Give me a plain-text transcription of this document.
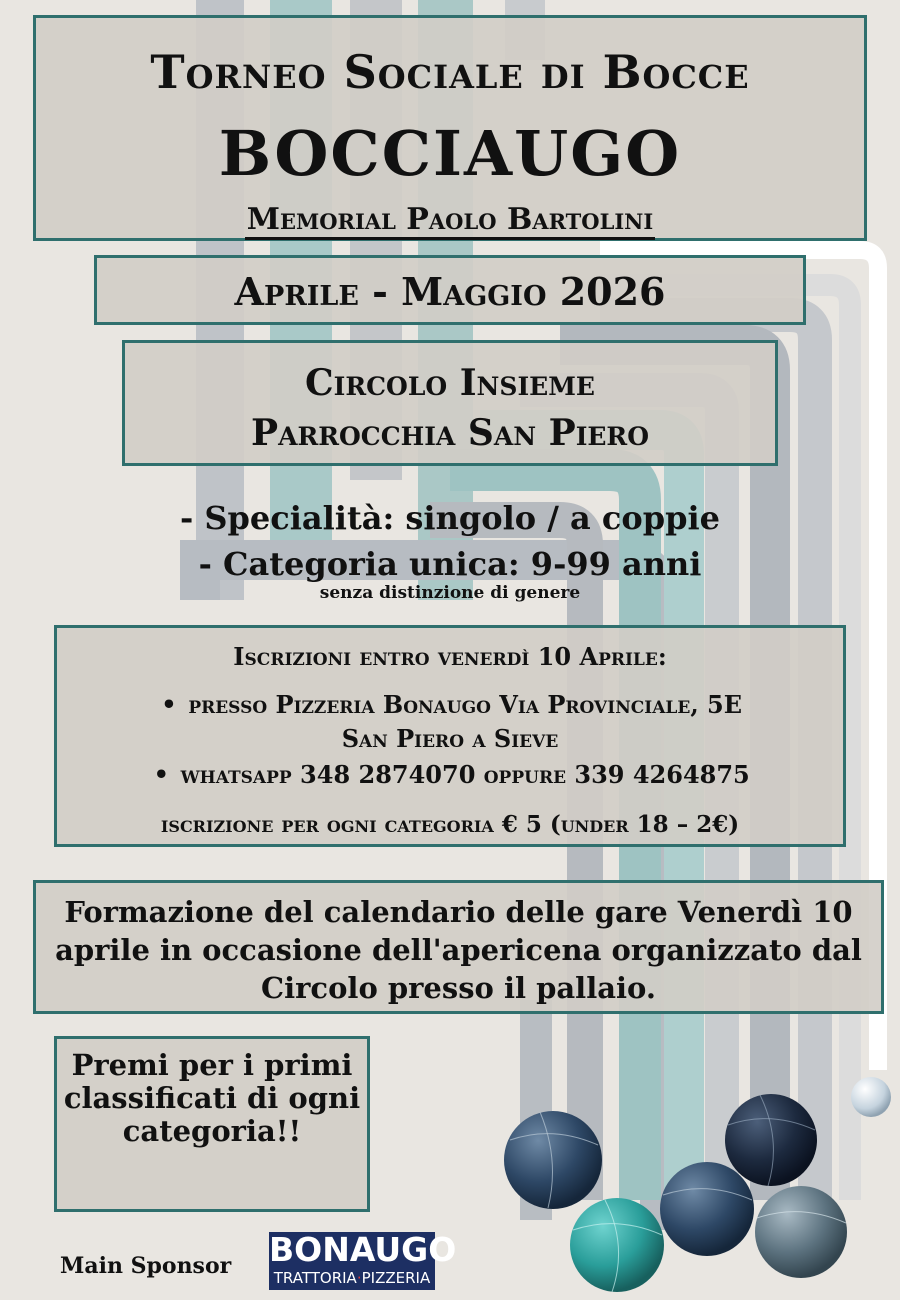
Torneo Sociale di Bocce
BOCCIAUGO
Memorial Paolo Bartolini
Aprile - Maggio 2026
Circolo Insieme
Parrocchia San Piero
- Specialità: singolo / a coppie
- Categoria unica: 9-99 anni
senza distinzione di genere
Iscrizioni entro venerdì 10 Aprile:
• presso Pizzeria Bonaugo Via Provinciale, 5E
San Piero a Sieve
• whatsapp 348 2874070 oppure 339 4264875
iscrizione per ogni categoria € 5 (under 18 – 2€)
Formazione del calendario delle gare Venerdì 10 aprile in occasione dell'apericena organizzato dal Circolo presso il pallaio.
Premi per i primi classificati di ogni categoria!!
Main Sponsor BONAUGO
TRATTORIA·PIZZERIA
